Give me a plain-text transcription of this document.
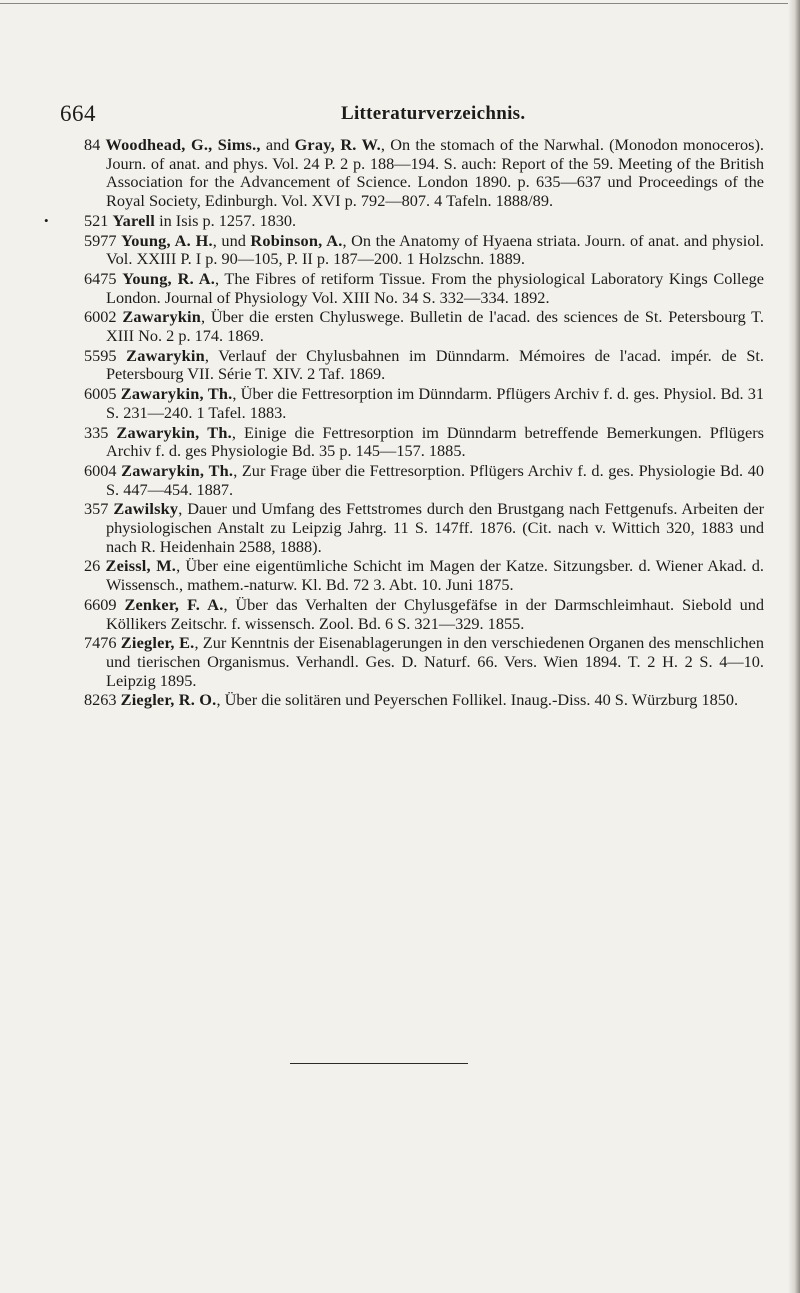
664	Litteraturverzeichnis.
84 Woodhead, G., Sims., and Gray, R. W., On the stomach of the Narwhal. (Monodon monoceros). Journ. of anat. and phys. Vol. 24 P. 2 p. 188—194. S. auch: Report of the 59. Meeting of the British Association for the Advancement of Science. London 1890. p. 635—637 und Proceedings of the Royal Society, Edinburgh. Vol. XVI p. 792—807. 4 Tafeln. 1888/89.
•	521 Yarell in Isis p. 1257. 1830.
5977 Young, A. H., und Robinson, A., On the Anatomy of Hyaena striata. Journ. of anat. and physiol. Vol. XXIII P. I p. 90—105, P. II p. 187—200. 1 Holzschn. 1889.
6475 Young, R. A., The Fibres of retiform Tissue. From the physiological Laboratory Kings College London. Journal of Physiology Vol. XIII No. 34 S. 332—334. 1892.
6002 Zawarykin, Über die ersten Chyluswege. Bulletin de l'acad. des sciences de St. Petersbourg T. XIII No. 2 p. 174. 1869.
5595 Zawarykin, Verlauf der Chylusbahnen im Dünndarm. Mémoires de l'acad. impér. de St. Petersbourg VII. Série T. XIV. 2 Taf. 1869.
6005 Zawarykin, Th., Über die Fettresorption im Dünndarm. Pflügers Archiv f. d. ges. Physiol. Bd. 31 S. 231—240. 1 Tafel. 1883.
335 Zawarykin, Th., Einige die Fettresorption im Dünndarm betreffende Bemerkungen. Pflügers Archiv f. d. ges Physiologie Bd. 35 p. 145—157. 1885.
6004 Zawarykin, Th., Zur Frage über die Fettresorption. Pflügers Archiv f. d. ges. Physiologie Bd. 40 S. 447—454. 1887.
357 Zawilsky, Dauer und Umfang des Fettstromes durch den Brustgang nach Fettgenufs. Arbeiten der physiologischen Anstalt zu Leipzig Jahrg. 11 S. 147ff. 1876. (Cit. nach v. Wittich 320, 1883 und nach R. Heidenhain 2588, 1888).
26 Zeissl, M., Über eine eigentümliche Schicht im Magen der Katze. Sitzungsber. d. Wiener Akad. d. Wissensch., mathem.-naturw. Kl. Bd. 72 3. Abt. 10. Juni 1875.
6609 Zenker, F. A., Über das Verhalten der Chylusgefäfse in der Darmschleimhaut. Siebold und Köllikers Zeitschr. f. wissensch. Zool. Bd. 6 S. 321—329. 1855.
7476 Ziegler, E., Zur Kenntnis der Eisenablagerungen in den verschiedenen Organen des menschlichen und tierischen Organismus. Verhandl. Ges. D. Naturf. 66. Vers. Wien 1894. T. 2 H. 2 S. 4—10. Leipzig 1895.
8263 Ziegler, R. O., Über die solitären und Peyerschen Follikel. Inaug.-Diss. 40 S. Würzburg 1850.
